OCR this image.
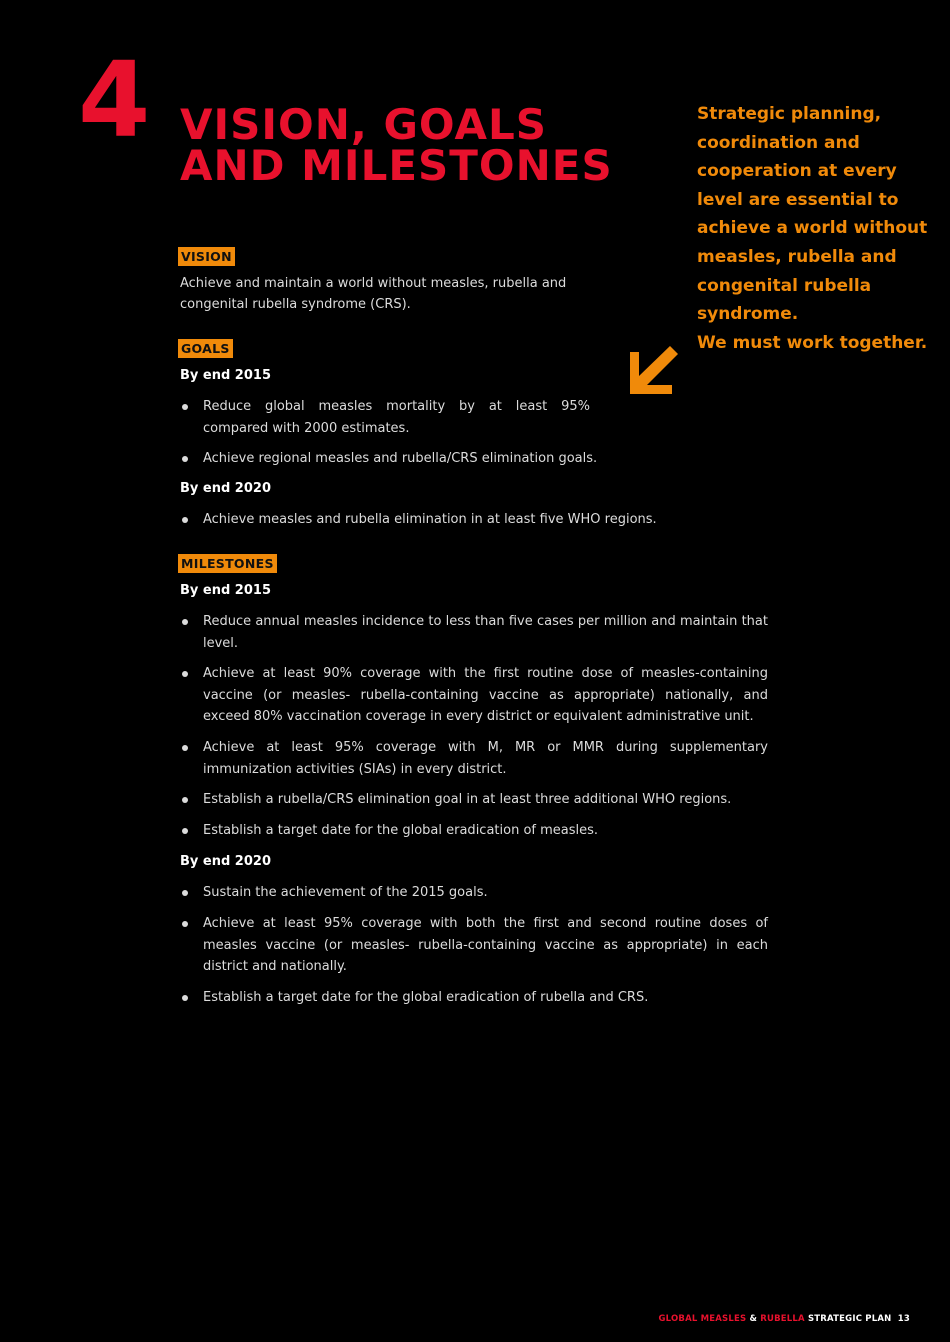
4 VISION, GOALS
AND MILESTONES
Strategic planning,
coordination and
cooperation at every
level are essential to
achieve a world without
measles, rubella and
congenital rubella
syndrome.
We must work together.
VISION

Achieve and maintain a world without measles, rubella and congenital rubella syndrome (CRS).

GOALS
By end 2015
Reduce global measles mortality by at least 95% compared with 2000 estimates.
Achieve regional measles and rubella/CRS elimination goals.
By end 2020
Achieve measles and rubella elimination in at least five WHO regions.
MILESTONES
By end 2015
Reduce annual measles incidence to less than five cases per million and maintain that level.
Achieve at least 90% coverage with the first routine dose of measles-containing vaccine (or measles- rubella-containing vaccine as appropriate) nationally, and exceed 80% vaccination coverage in every district or equivalent administrative unit.
Achieve at least 95% coverage with M, MR or MMR during supplementary immunization activities (SIAs) in every district.
Establish a rubella/CRS elimination goal in at least three additional WHO regions.
Establish a target date for the global eradication of measles.
By end 2020
Sustain the achievement of the 2015 goals.
Achieve at least 95% coverage with both the first and second routine doses of measles vaccine (or measles- rubella-containing vaccine as appropriate) in each district and nationally.
Establish a target date for the global eradication of rubella and CRS.
GLOBAL MEASLES & RUBELLA STRATEGIC PLAN 13
